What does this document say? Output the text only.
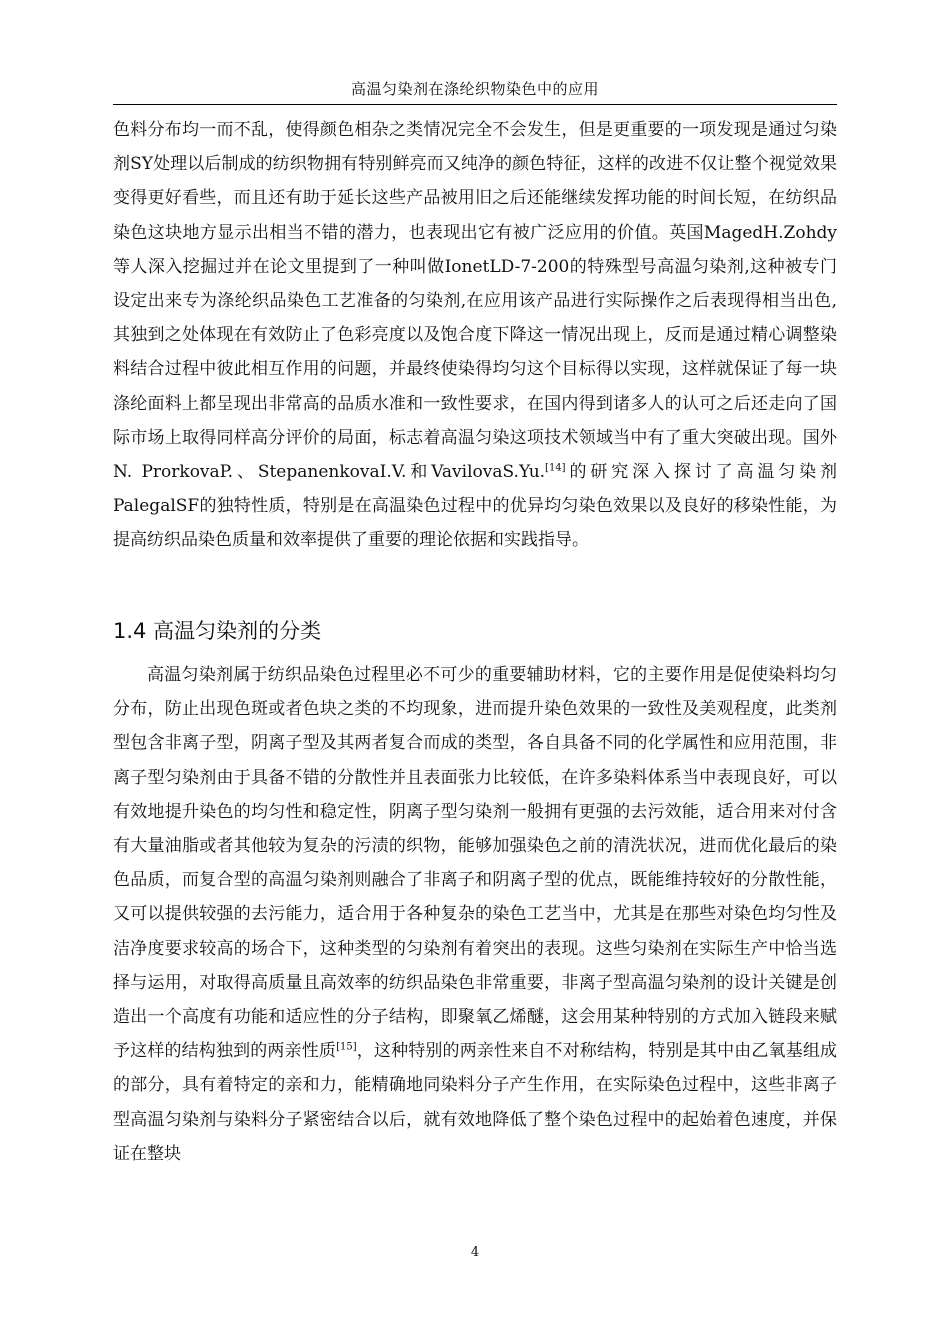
高温匀染剂在涤纶织物染色中的应用

色料分布均一而不乱，使得颜色相杂之类情况完全不会发生，但是更重要的一项发现是通过匀染剂SY处理以后制成的纺织物拥有特别鲜亮而又纯净的颜色特征，这样的改进不仅让整个视觉效果变得更好看些，而且还有助于延长这些产品被用旧之后还能继续发挥功能的时间长短，在纺织品染色这块地方显示出相当不错的潜力，也表现出它有被广泛应用的价值。英国MagedH.Zohdy等人深入挖掘过并在论文里提到了一种叫做IonetLD-7-200的特殊型号高温匀染剂,这种被专门设定出来专为涤纶织品染色工艺准备的匀染剂,在应用该产品进行实际操作之后表现得相当出色,其独到之处体现在有效防止了色彩亮度以及饱合度下降这一情况出现上，反而是通过精心调整染料结合过程中彼此相互作用的问题，并最终使染得均匀这个目标得以实现，这样就保证了每一块涤纶面料上都呈现出非常高的品质水准和一致性要求，在国内得到诸多人的认可之后还走向了国际市场上取得同样高分评价的局面，标志着高温匀染这项技术领域当中有了重大突破出现。国外N. ProrkovaP.、StepanenkovaI.V.和VavilovaS.Yu.[14]的研究深入探讨了高温匀染剂PalegalSF的独特性质，特别是在高温染色过程中的优异均匀染色效果以及良好的移染性能，为提高纺织品染色质量和效率提供了重要的理论依据和实践指导。

1.4 高温匀染剂的分类

高温匀染剂属于纺织品染色过程里必不可少的重要辅助材料，它的主要作用是促使染料均匀分布，防止出现色斑或者色块之类的不均现象，进而提升染色效果的一致性及美观程度，此类剂型包含非离子型，阴离子型及其两者复合而成的类型，各自具备不同的化学属性和应用范围，非离子型匀染剂由于具备不错的分散性并且表面张力比较低，在许多染料体系当中表现良好，可以有效地提升染色的均匀性和稳定性，阴离子型匀染剂一般拥有更强的去污效能，适合用来对付含有大量油脂或者其他较为复杂的污渍的织物，能够加强染色之前的清洗状况，进而优化最后的染色品质，而复合型的高温匀染剂则融合了非离子和阴离子型的优点，既能维持较好的分散性能，又可以提供较强的去污能力，适合用于各种复杂的染色工艺当中，尤其是在那些对染色均匀性及洁净度要求较高的场合下，这种类型的匀染剂有着突出的表现。这些匀染剂在实际生产中恰当选择与运用，对取得高质量且高效率的纺织品染色非常重要，非离子型高温匀染剂的设计关键是创造出一个高度有功能和适应性的分子结构，即聚氧乙烯醚，这会用某种特别的方式加入链段来赋予这样的结构独到的两亲性质[15]，这种特别的两亲性来自不对称结构，特别是其中由乙氧基组成的部分，具有着特定的亲和力，能精确地同染料分子产生作用，在实际染色过程中，这些非离子型高温匀染剂与染料分子紧密结合以后，就有效地降低了整个染色过程中的起始着色速度，并保证在整块

4
